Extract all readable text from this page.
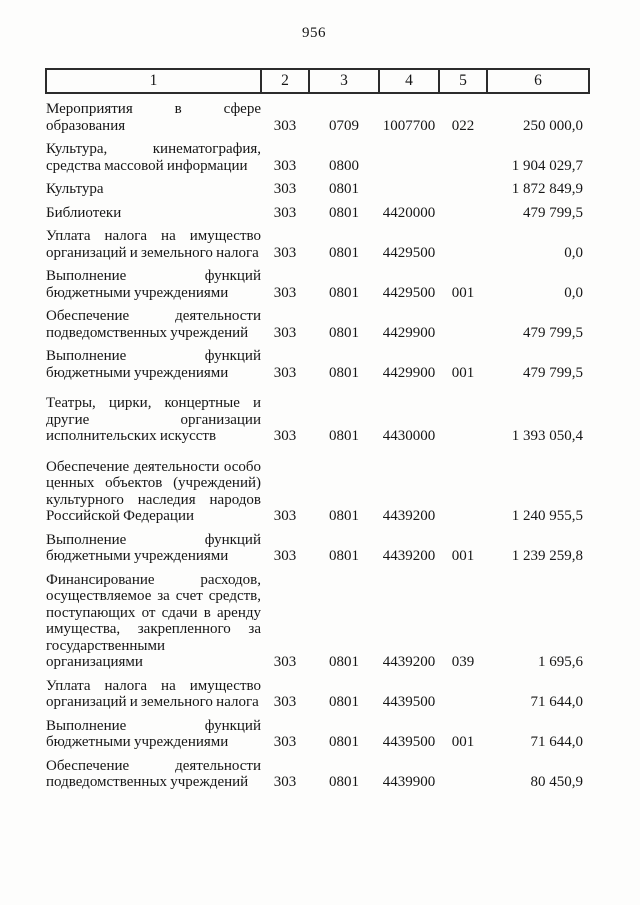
956
1	2	3	4	5	6

Мероприятия в сфере
образования	303	0709	1007700	022	250 000,0

Культура, кинематография,
средства массовой информации	303	0800			1 904 029,7

Культура	303	0801			1 872 849,9

Библиотеки	303	0801	4420000		479 799,5

Уплата налога на имущество
организаций и земельного налога	303	0801	4429500		0,0

Выполнение функций
бюджетными учреждениями	303	0801	4429500	001	0,0

Обеспечение деятельности
подведомственных учреждений	303	0801	4429900		479 799,5

Выполнение функций
бюджетными учреждениями	303	0801	4429900	001	479 799,5

Театры, цирки, концертные и
другие организации
исполнительских искусств	303	0801	4430000		1 393 050,4

Обеспечение деятельности особо
ценных объектов (учреждений)
культурного наследия народов
Российской Федерации	303	0801	4439200		1 240 955,5

Выполнение функций
бюджетными учреждениями	303	0801	4439200	001	1 239 259,8

Финансирование расходов,
осуществляемое за счет средств,
поступающих от сдачи в аренду
имущества, закрепленного за
государственными
организациями	303	0801	4439200	039	1 695,6

Уплата налога на имущество
организаций и земельного налога	303	0801	4439500		71 644,0

Выполнение функций
бюджетными учреждениями	303	0801	4439500	001	71 644,0

Обеспечение деятельности
подведомственных учреждений	303	0801	4439900		80 450,9
